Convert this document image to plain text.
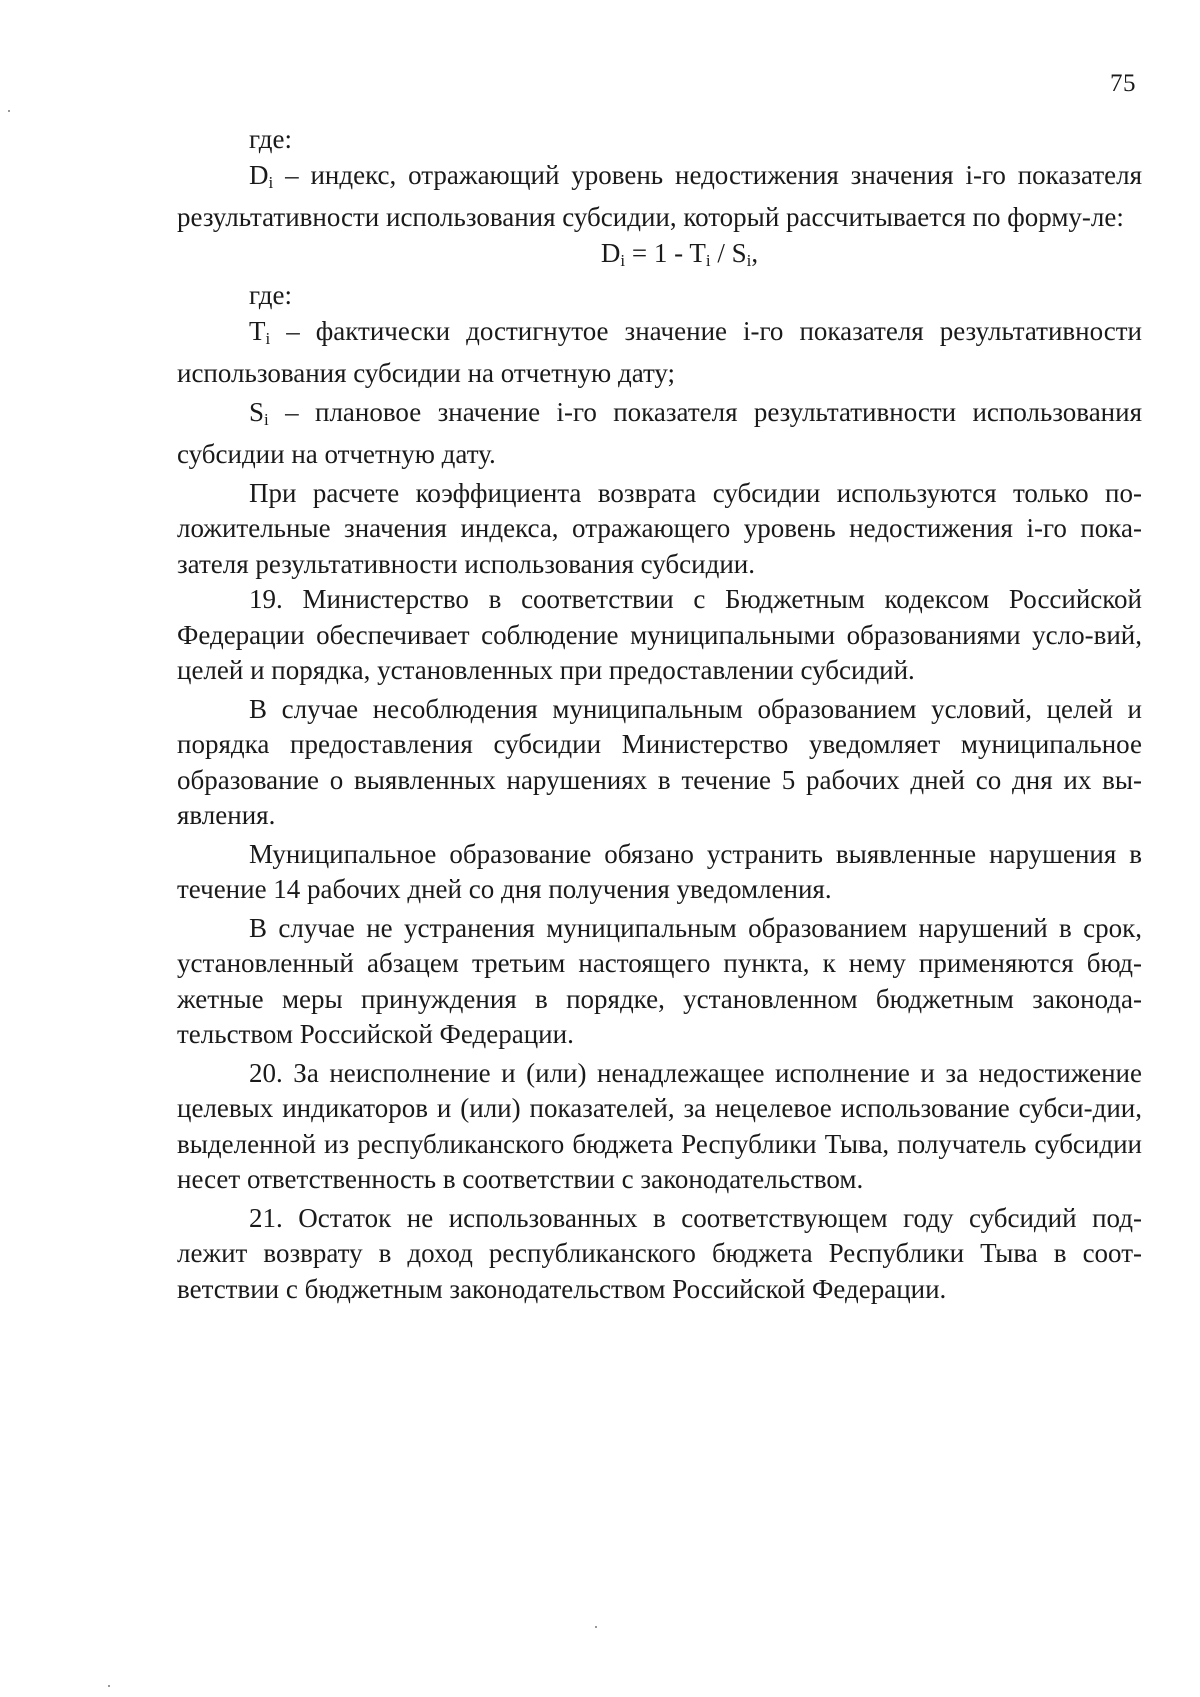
75

где:

$D_i$ – индекс, отражающий уровень недостижения значения i-го показателя результативности использования субсидии, который рассчитывается по форму-ле:

$D_i = 1 - T_i / S_i$,

где:

$T_i$ – фактически достигнутое значение i-го показателя результативности использования субсидии на отчетную дату;

$S_i$ – плановое значение i-го показателя результативности использования субсидии на отчетную дату.

При расчете коэффициента возврата субсидии используются только по-ложительные значения индекса, отражающего уровень недостижения i-го пока-зателя результативности использования субсидии.

19. Министерство в соответствии с Бюджетным кодексом Российской Федерации обеспечивает соблюдение муниципальными образованиями усло-вий, целей и порядка, установленных при предоставлении субсидий.

В случае несоблюдения муниципальным образованием условий, целей и порядка предоставления субсидии Министерство уведомляет муниципальное образование о выявленных нарушениях в течение 5 рабочих дней со дня их вы-явления.

Муниципальное образование обязано устранить выявленные нарушения в течение 14 рабочих дней со дня получения уведомления.

В случае не устранения муниципальным образованием нарушений в срок, установленный абзацем третьим настоящего пункта, к нему применяются бюд-жетные меры принуждения в порядке, установленном бюджетным законода-тельством Российской Федерации.

20. За неисполнение и (или) ненадлежащее исполнение и за недостижение целевых индикаторов и (или) показателей, за нецелевое использование субси-дии, выделенной из республиканского бюджета Республики Тыва, получатель субсидии несет ответственность в соответствии с законодательством.

21. Остаток не использованных в соответствующем году субсидий под-лежит возврату в доход республиканского бюджета Республики Тыва в соот-ветствии с бюджетным законодательством Российской Федерации.
